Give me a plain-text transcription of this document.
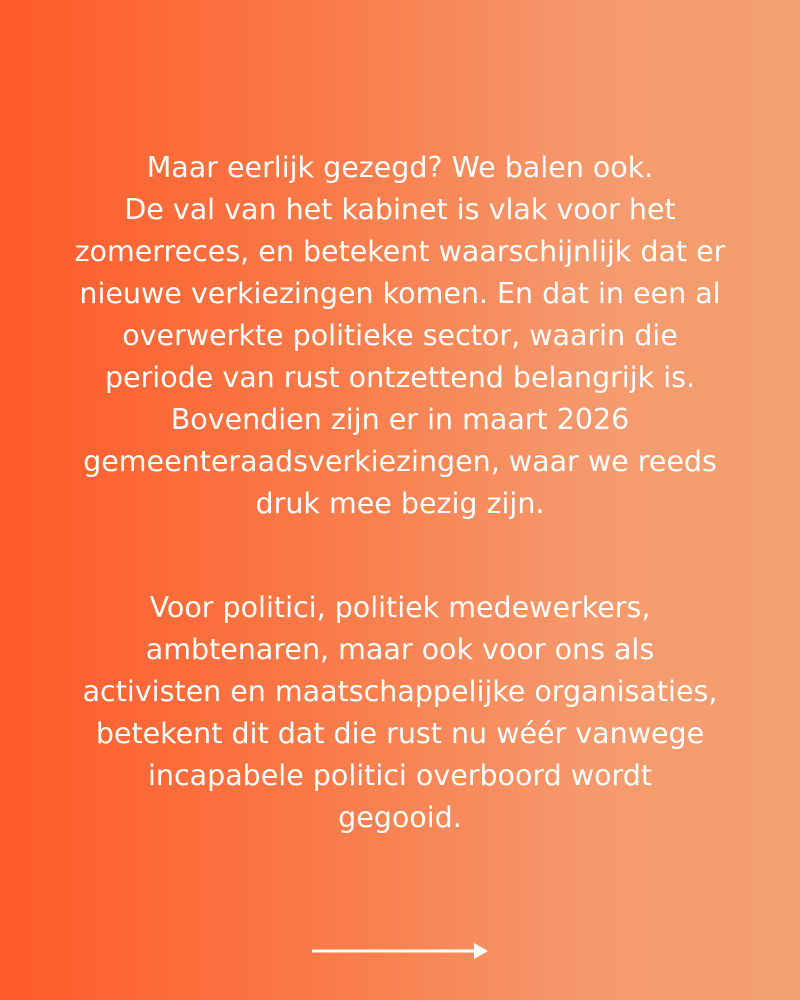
Maar eerlijk gezegd? We balen ook.
De val van het kabinet is vlak voor het
zomerreces, en betekent waarschijnlijk dat er
nieuwe verkiezingen komen. En dat in een al
overwerkte politieke sector, waarin die
periode van rust ontzettend belangrijk is.
Bovendien zijn er in maart 2026
gemeenteraadsverkiezingen, waar we reeds
druk mee bezig zijn.
Voor politici, politiek medewerkers,
ambtenaren, maar ook voor ons als
activisten en maatschappelijke organisaties,
betekent dit dat die rust nu wéér vanwege
incapabele politici overboord wordt
gegooid.
